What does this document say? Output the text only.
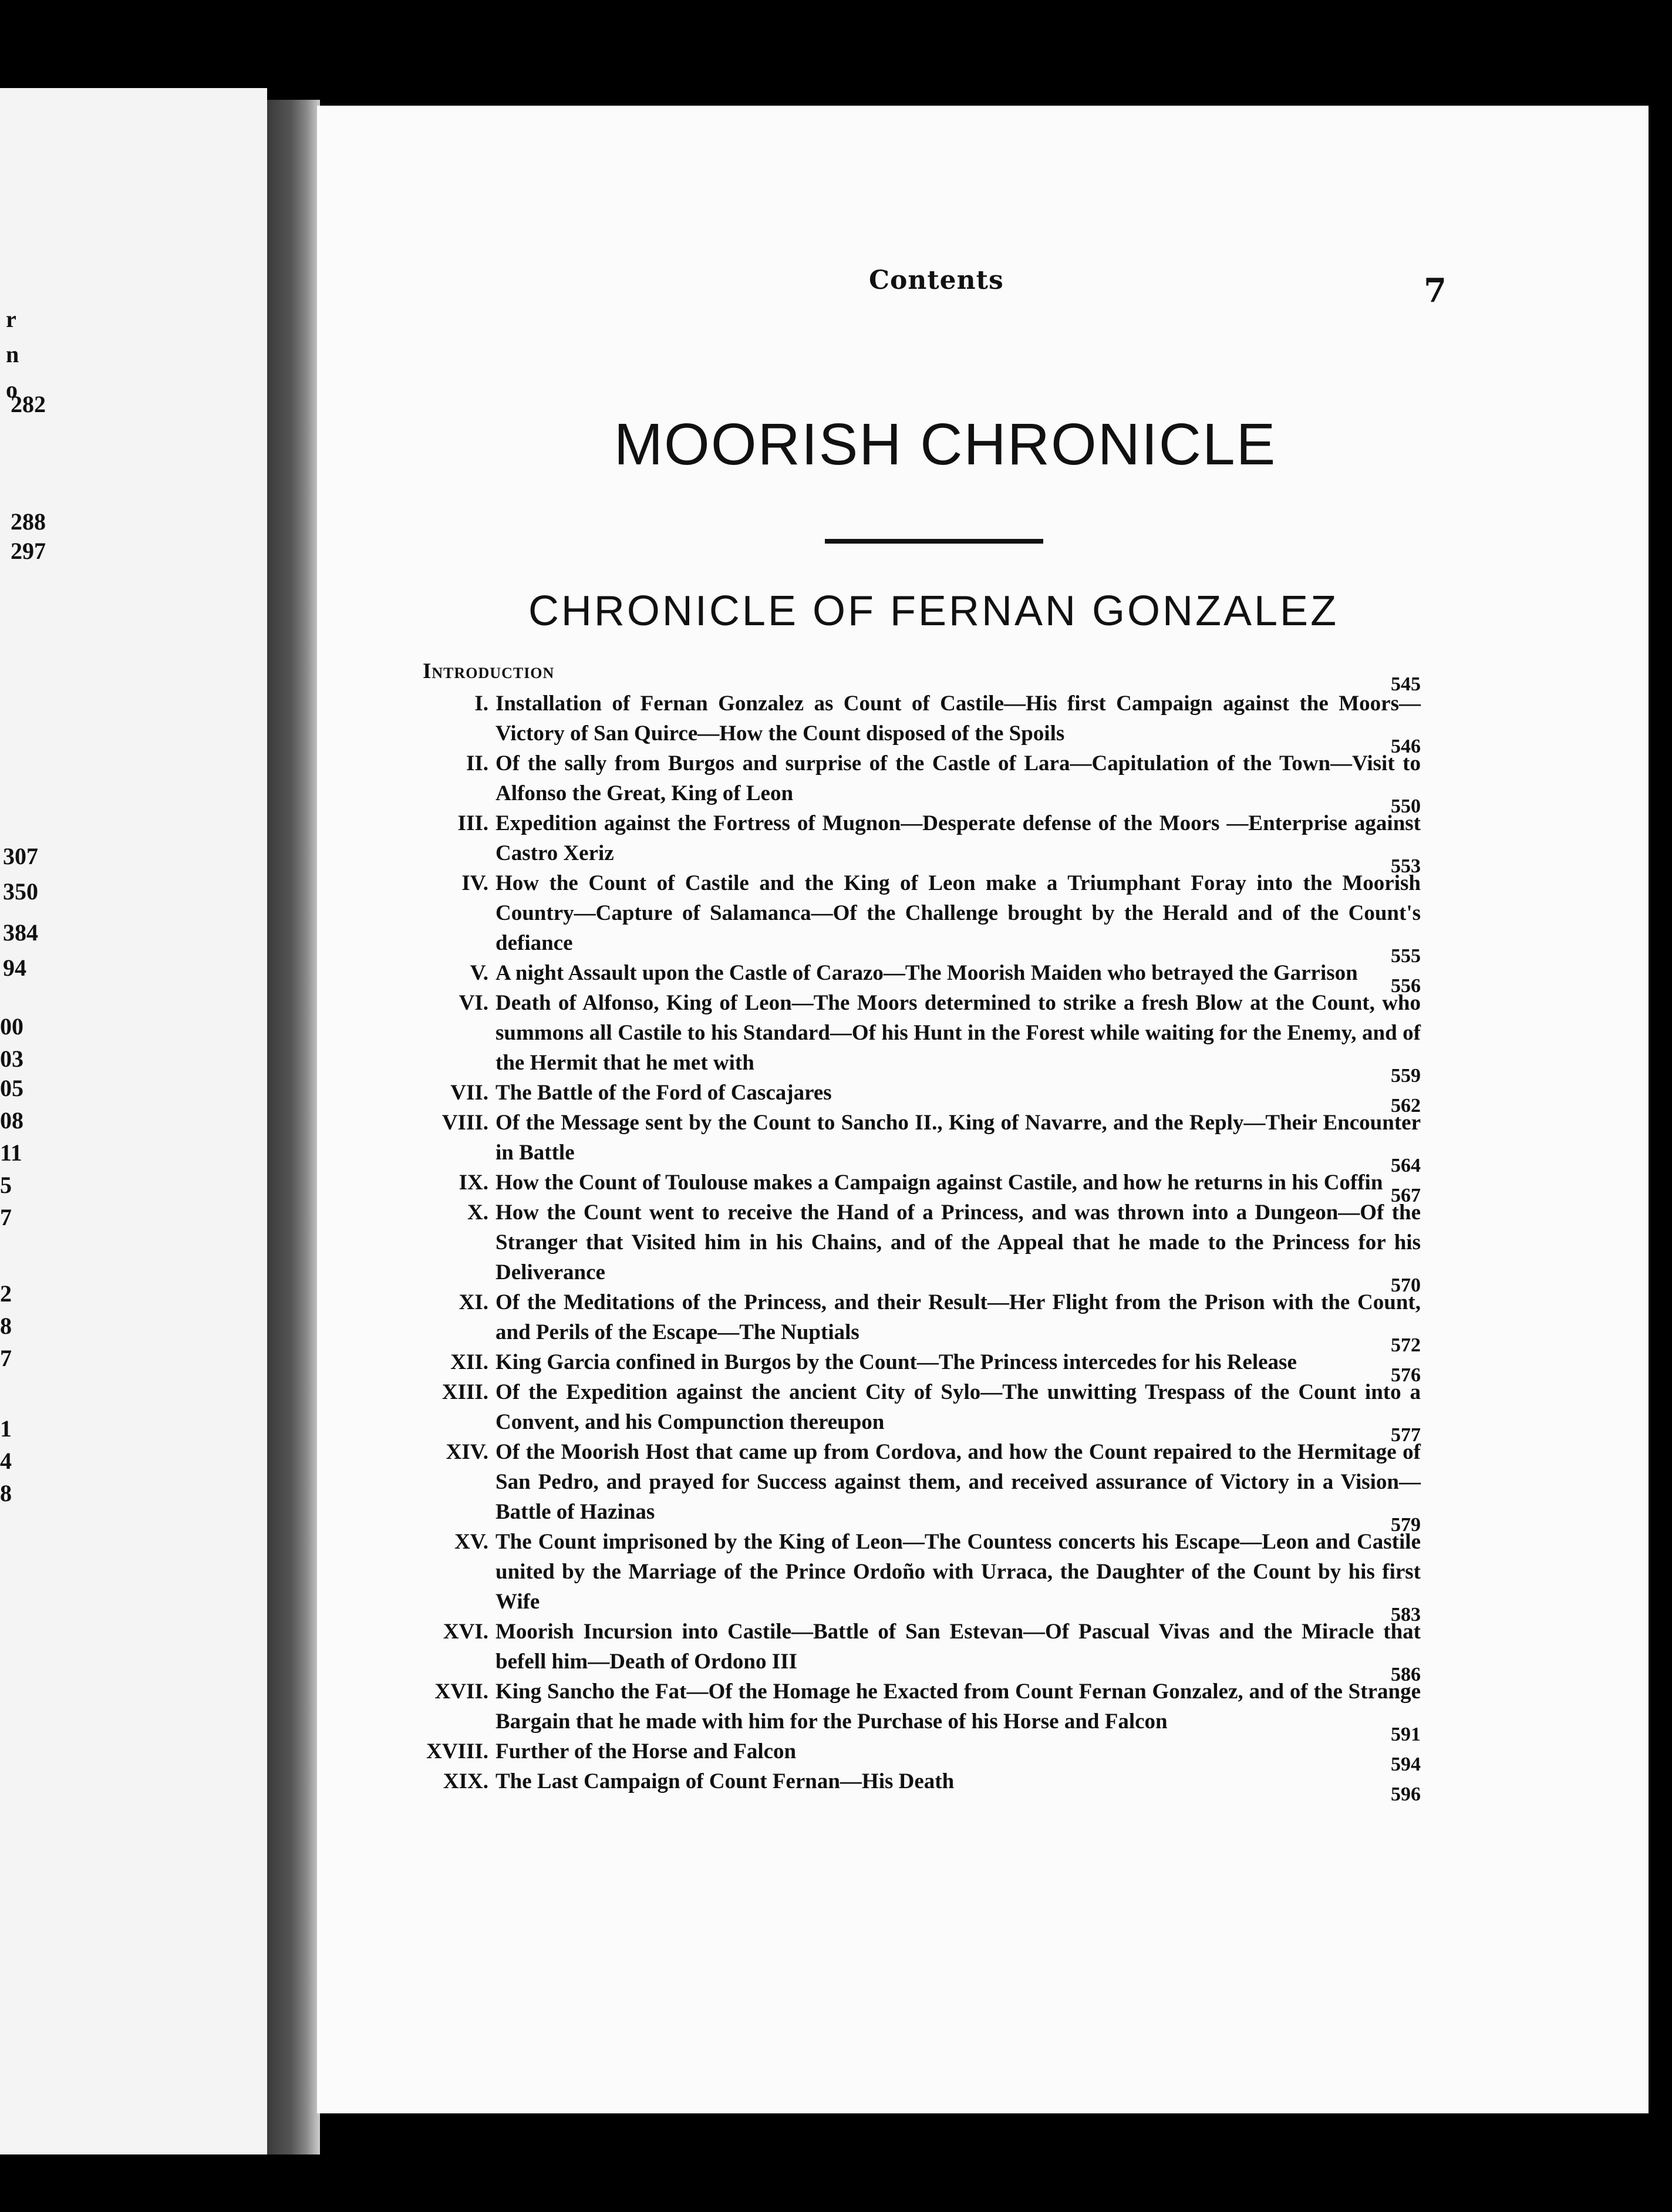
r
n
o
282
288
297
307
350
384
94
00
03
05
08
11
5
7
2
8
7
1
4
8
Contents	7
MOORISH CHRONICLE
CHRONICLE OF FERNAN GONZALEZ
Introduction
545
I. Installation of Fernan Gonzalez as Count of Castile—His first Campaign against the Moors—Victory of San Quirce—How the Count disposed of the Spoils
546
II. Of the sally from Burgos and surprise of the Castle of Lara—Capitulation of the Town—Visit to Alfonso the Great, King of Leon
550
III. Expedition against the Fortress of Mugnon—Desperate defense of the Moors —Enterprise against Castro Xeriz
553
IV. How the Count of Castile and the King of Leon make a Triumphant Foray into the Moorish Country—Capture of Salamanca—Of the Challenge brought by the Herald and of the Count's defiance
555
V. A night Assault upon the Castle of Carazo—The Moorish Maiden who betrayed the Garrison
556
VI. Death of Alfonso, King of Leon—The Moors determined to strike a fresh Blow at the Count, who summons all Castile to his Standard—Of his Hunt in the Forest while waiting for the Enemy, and of the Hermit that he met with
559
VII. The Battle of the Ford of Cascajares
562
VIII. Of the Message sent by the Count to Sancho II., King of Navarre, and the Reply—Their Encounter in Battle
564
IX. How the Count of Toulouse makes a Campaign against Castile, and how he returns in his Coffin
567
X. How the Count went to receive the Hand of a Princess, and was thrown into a Dungeon—Of the Stranger that Visited him in his Chains, and of the Appeal that he made to the Princess for his Deliverance
570
XI. Of the Meditations of the Princess, and their Result—Her Flight from the Prison with the Count, and Perils of the Escape—The Nuptials
572
XII. King Garcia confined in Burgos by the Count—The Princess intercedes for his Release
576
XIII. Of the Expedition against the ancient City of Sylo—The unwitting Trespass of the Count into a Convent, and his Compunction thereupon
577
XIV. Of the Moorish Host that came up from Cordova, and how the Count repaired to the Hermitage of San Pedro, and prayed for Success against them, and received assurance of Victory in a Vision—Battle of Hazinas
579
XV. The Count imprisoned by the King of Leon—The Countess concerts his Escape—Leon and Castile united by the Marriage of the Prince Ordoño with Urraca, the Daughter of the Count by his first Wife
583
XVI. Moorish Incursion into Castile—Battle of San Estevan—Of Pascual Vivas and the Miracle that befell him—Death of Ordono III
586
XVII. King Sancho the Fat—Of the Homage he Exacted from Count Fernan Gonzalez, and of the Strange Bargain that he made with him for the Purchase of his Horse and Falcon
591
XVIII. Further of the Horse and Falcon
594
XIX. The Last Campaign of Count Fernan—His Death
596
